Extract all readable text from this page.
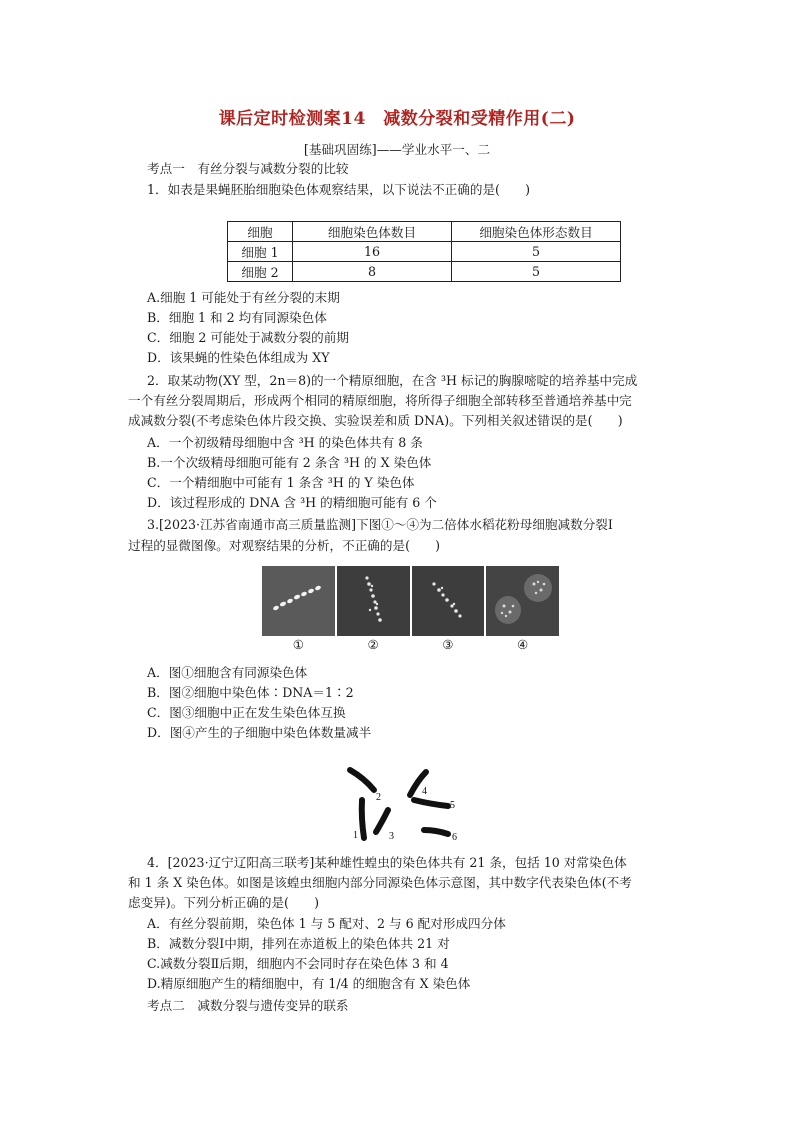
课后定时检测案14　减数分裂和受精作用(二)
[基础巩固练]——学业水平一、二
考点一　有丝分裂与减数分裂的比较
1．如表是果蝇胚胎细胞染色体观察结果，以下说法不正确的是(　　)
细胞	细胞染色体数目	细胞染色体形态数目
细胞 1	16	5
细胞 2	8	5
A.细胞 1 可能处于有丝分裂的末期
B．细胞 1 和 2 均有同源染色体
C．细胞 2 可能处于减数分裂的前期
D．该果蝇的性染色体组成为 XY
2．取某动物(XY 型，2n＝8)的一个精原细胞，在含 ³H 标记的胸腺嘧啶的培养基中完成
一个有丝分裂周期后，形成两个相同的精原细胞，将所得子细胞全部转移至普通培养基中完
成减数分裂(不考虑染色体片段交换、实验误差和质 DNA)。下列相关叙述错误的是(　　)
A．一个初级精母细胞中含 ³H 的染色体共有 8 条
B.一个次级精母细胞可能有 2 条含 ³H 的 X 染色体
C．一个精细胞中可能有 1 条含 ³H 的 Y 染色体
D．该过程形成的 DNA 含 ³H 的精细胞可能有 6 个
3.[2023·江苏省南通市高三质量监测]下图①～④为二倍体水稻花粉母细胞减数分裂Ⅰ
过程的显微图像。对观察结果的分析，不正确的是(　　)
①	②	③	④
A．图①细胞含有同源染色体
B．图②细胞中染色体∶DNA＝1∶2
C．图③细胞中正在发生染色体互换
D．图④产生的子细胞中染色体数量减半
1
2
3
4
5
6
4．[2023·辽宁辽阳高三联考]某种雄性蝗虫的染色体共有 21 条，包括 10 对常染色体
和 1 条 X 染色体。如图是该蝗虫细胞内部分同源染色体示意图，其中数字代表染色体(不考
虑变异)。下列分析正确的是(　　)
A．有丝分裂前期，染色体 1 与 5 配对、2 与 6 配对形成四分体
B．减数分裂Ⅰ中期，排列在赤道板上的染色体共 21 对
C.减数分裂Ⅱ后期，细胞内不会同时存在染色体 3 和 4
D.精原细胞产生的精细胞中，有 1/4 的细胞含有 X 染色体
考点二　减数分裂与遗传变异的联系
